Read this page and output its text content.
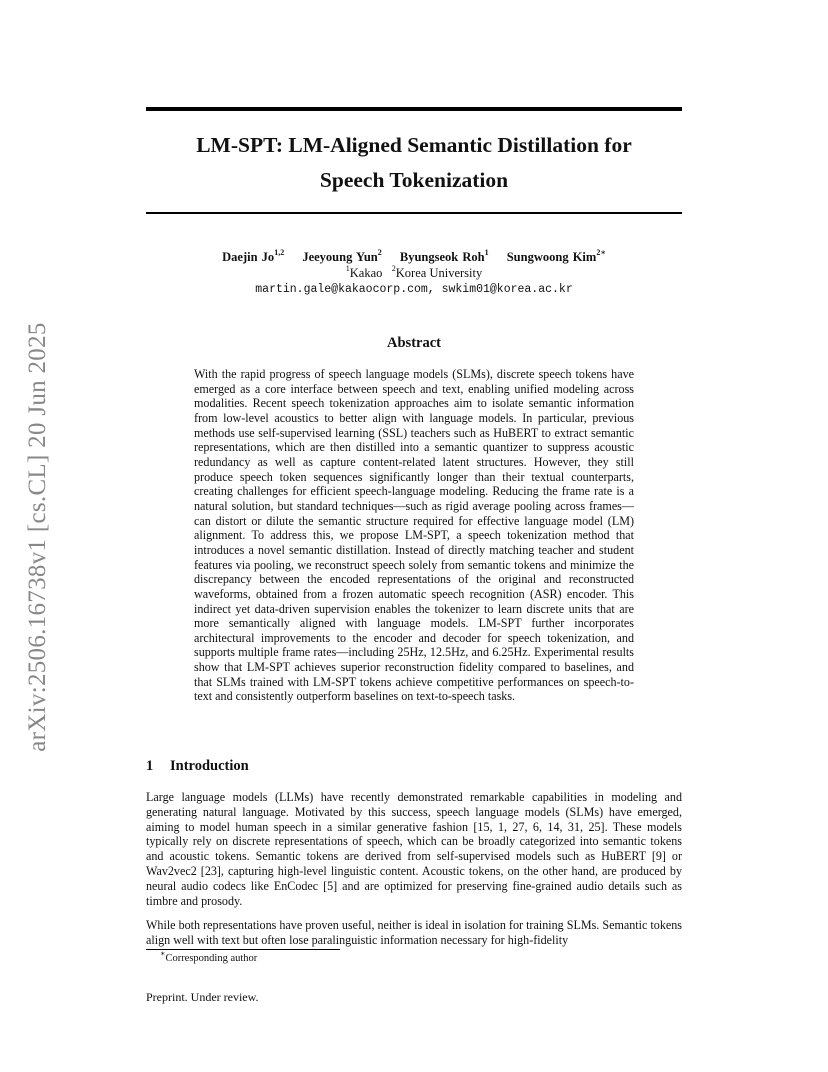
arXiv:2506.16738v1 [cs.CL] 20 Jun 2025
LM-SPT: LM-Aligned Semantic Distillation for
Speech Tokenization
Daejin Jo$^{1,2}$ Jeeyoung Yun$^2$ Byungseok Roh$^1$ Sungwoong Kim$^{2∗}$
$^1$Kakao $^2$Korea University
martin.gale@kakaocorp.com, swkim01@korea.ac.kr
Abstract
With the rapid progress of speech language models (SLMs), discrete speech tokens have emerged as a core interface between speech and text, enabling unified modeling across modalities. Recent speech tokenization approaches aim to isolate semantic information from low-level acoustics to better align with language models. In particular, previous methods use self-supervised learning (SSL) teachers such as HuBERT to extract semantic representations, which are then distilled into a semantic quantizer to suppress acoustic redundancy as well as capture content-related latent structures. However, they still produce speech token sequences significantly longer than their textual counterparts, creating challenges for efficient speech-language modeling. Reducing the frame rate is a natural solution, but standard techniques—such as rigid average pooling across frames—can distort or dilute the semantic structure required for effective language model (LM) alignment. To address this, we propose LM-SPT, a speech tokenization method that introduces a novel semantic distillation. Instead of directly matching teacher and student features via pooling, we reconstruct speech solely from semantic tokens and minimize the discrepancy between the encoded representations of the original and reconstructed waveforms, obtained from a frozen automatic speech recognition (ASR) encoder. This indirect yet data-driven supervision enables the tokenizer to learn discrete units that are more semantically aligned with language models. LM-SPT further incorporates architectural improvements to the encoder and decoder for speech tokenization, and supports multiple frame rates—including 25Hz, 12.5Hz, and 6.25Hz. Experimental results show that LM-SPT achieves superior reconstruction fidelity compared to baselines, and that SLMs trained with LM-SPT tokens achieve competitive performances on speech-to-text and consistently outperform baselines on text-to-speech tasks.
1 Introduction
Large language models (LLMs) have recently demonstrated remarkable capabilities in modeling and generating natural language. Motivated by this success, speech language models (SLMs) have emerged, aiming to model human speech in a similar generative fashion [15, 1, 27, 6, 14, 31, 25]. These models typically rely on discrete representations of speech, which can be broadly categorized into semantic tokens and acoustic tokens. Semantic tokens are derived from self-supervised models such as HuBERT [9] or Wav2vec2 [23], capturing high-level linguistic content. Acoustic tokens, on the other hand, are produced by neural audio codecs like EnCodec [5] and are optimized for preserving fine-grained audio details such as timbre and prosody.
While both representations have proven useful, neither is ideal in isolation for training SLMs. Semantic tokens align well with text but often lose paralinguistic information necessary for high-fidelity
∗Corresponding author
Preprint. Under review.
